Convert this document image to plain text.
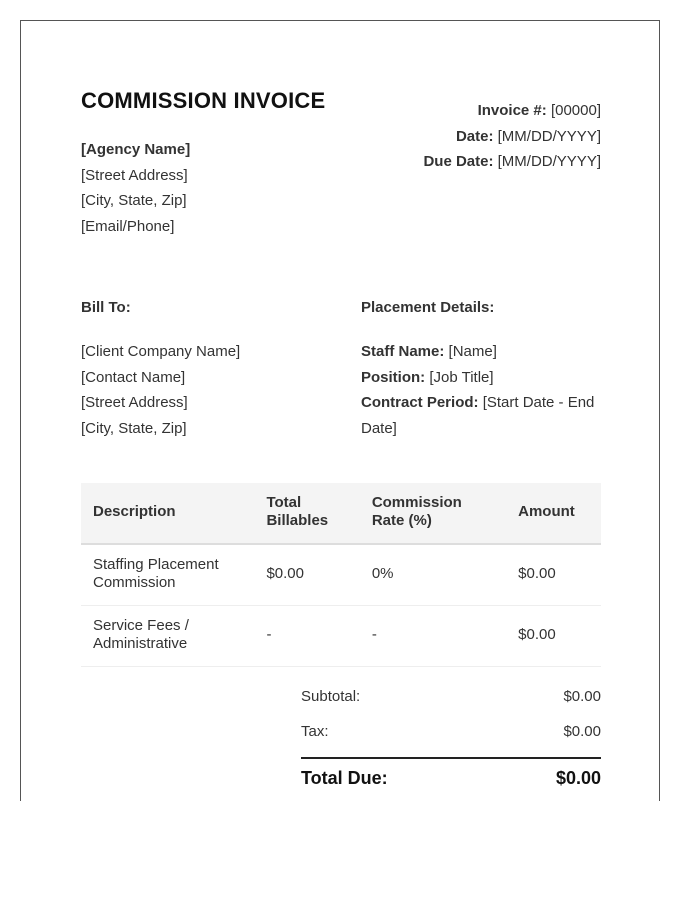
COMMISSION INVOICE
[Agency Name]
[Street Address]
[City, State, Zip]
[Email/Phone]
Invoice #: [00000]
Date: [MM/DD/YYYY]
Due Date: [MM/DD/YYYY]
Bill To:
[Client Company Name]
[Contact Name]
[Street Address]
[City, State, Zip]
Placement Details:
Staff Name: [Name]
Position: [Job Title]
Contract Period: [Start Date - End Date]
Description	Total Billables	Commission Rate (%)	Amount
Staffing Placement Commission	$0.00	0%	$0.00
Service Fees / Administrative	-	-	$0.00
Subtotal:	$0.00
Tax:	$0.00
Total Due:	$0.00
